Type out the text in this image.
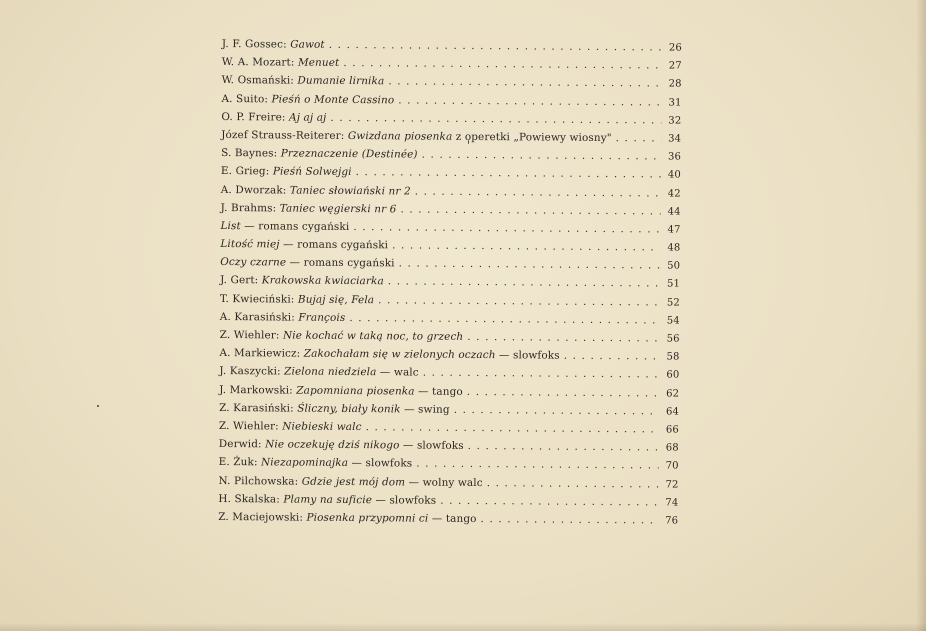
J. F. Gossec: Gawot . . .	26
W. A. Mozart: Menuet . . .	27
W. Osmański: Dumanie lirnika . . .	28
A. Suito: Pieśń o Monte Cassino . . .	31
O. P. Freire: Aj aj aj . . .	32
Józef Strauss-Reiterer: Gwizdana piosenka z operetki „Powiewy wiosny" . . .	34
S. Baynes: Przeznaczenie (Destinée) . . .	36
E. Grieg: Pieśń Solwejgi . . .	40
A. Dworzak: Taniec słowiański nr 2 . . .	42
J. Brahms: Taniec węgierski nr 6 . . .	44
List — romans cygański . . .	47
Litość miej — romans cygański . . .	48
Oczy czarne — romans cygański . . .	50
J. Gert: Krakowska kwiaciarka . . .	51
T. Kwieciński: Bujaj się, Fela . . .	52
A. Karasiński: François . . .	54
Z. Wiehler: Nie kochać w taką noc, to grzech . . .	56
A. Markiewicz: Zakochałam się w zielonych oczach — slowfoks . . .	58
J. Kaszycki: Zielona niedziela — walc . . .	60
J. Markowski: Zapomniana piosenka — tango . . .	62
Z. Karasiński: Śliczny, biały konik — swing . . .	64
Z. Wiehler: Niebieski walc . . .	66
Derwid: Nie oczekuję dziś nikogo — slowfoks . . .	68
E. Żuk: Niezapominajka — slowfoks . . .	70
N. Pilchowska: Gdzie jest mój dom — wolny walc . . .	72
H. Skalska: Plamy na suficie — slowfoks . . .	74
Z. Maciejowski: Piosenka przypomni ci — tango . . .	76
